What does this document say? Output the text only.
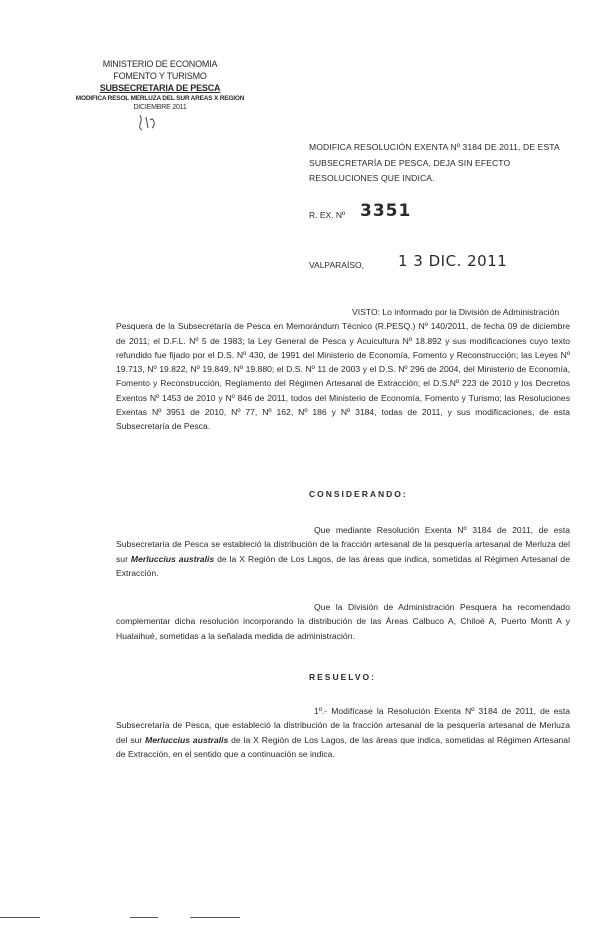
MINISTERIO DE ECONOMIA
FOMENTO Y TURISMO
SUBSECRETARIA DE PESCA
MODIFICA RESOL MERLUZA DEL SUR AREAS X REGION
DICIEMBRE 2011
MODIFICA RESOLUCIÓN EXENTA Nº 3184 DE 2011, DE ESTA SUBSECRETARÍA DE PESCA, DEJA SIN EFECTO RESOLUCIONES QUE INDICA.
R. EX. Nº 3351
VALPARAÍSO, 1 3 DIC. 2011
VISTO: Lo informado por la División de Administración
Pesquera de la Subsecretaría de Pesca en Memorándum Técnico (R.PESQ.) Nº 140/2011, de fecha 09 de diciembre de 2011; el D.F.L. Nº 5 de 1983; la Ley General de Pesca y Acuicultura Nº 18.892 y sus modificaciones cuyo texto refundido fue fijado por el D.S. Nº 430, de 1991 del Ministerio de Economía, Fomento y Reconstrucción; las Leyes Nº 19.713, Nº 19.822, Nº 19.849, Nº 19.880; el D.S. Nº 11 de 2003 y el D.S. Nº 296 de 2004, del Ministerio de Economía, Fomento y Reconstrucción, Reglamento del Régimen Artesanal de Extracción; el D.S.Nº 223 de 2010 y los Decretos Exentos Nº 1453 de 2010 y Nº 846 de 2011, todos del Ministerio de Economía, Fomento y Turismo; las Resoluciones Exentas Nº 3951 de 2010, Nº 77, Nº 162, Nº 186 y Nº 3184, todas de 2011, y sus modificaciones, de esta Subsecretaría de Pesca.
CONSIDERANDO:
Que mediante Resolución Exenta Nº 3184 de 2011, de esta Subsecretaría de Pesca se estableció la distribución de la fracción artesanal de la pesquería artesanal de Merluza del sur Merluccius australis de la X Región de Los Lagos, de las áreas que indica, sometidas al Régimen Artesanal de Extracción.
Que la División de Administración Pesquera ha recomendado complementar dicha resolución incorporando la distribución de las Áreas Calbuco A, Chiloé A, Puerto Montt A y Hualaihué, sometidas a la señalada medida de administración.
RESUELVO:
1º.- Modifícase la Resolución Exenta Nº 3184 de 2011, de esta Subsecretaría de Pesca, que estableció la distribución de la fracción artesanal de la pesquería artesanal de Merluza del sur Merluccius australis de la X Región de Los Lagos, de las áreas que indica, sometidas al Régimen Artesanal de Extracción, en el sentido que a continuación se indica.
